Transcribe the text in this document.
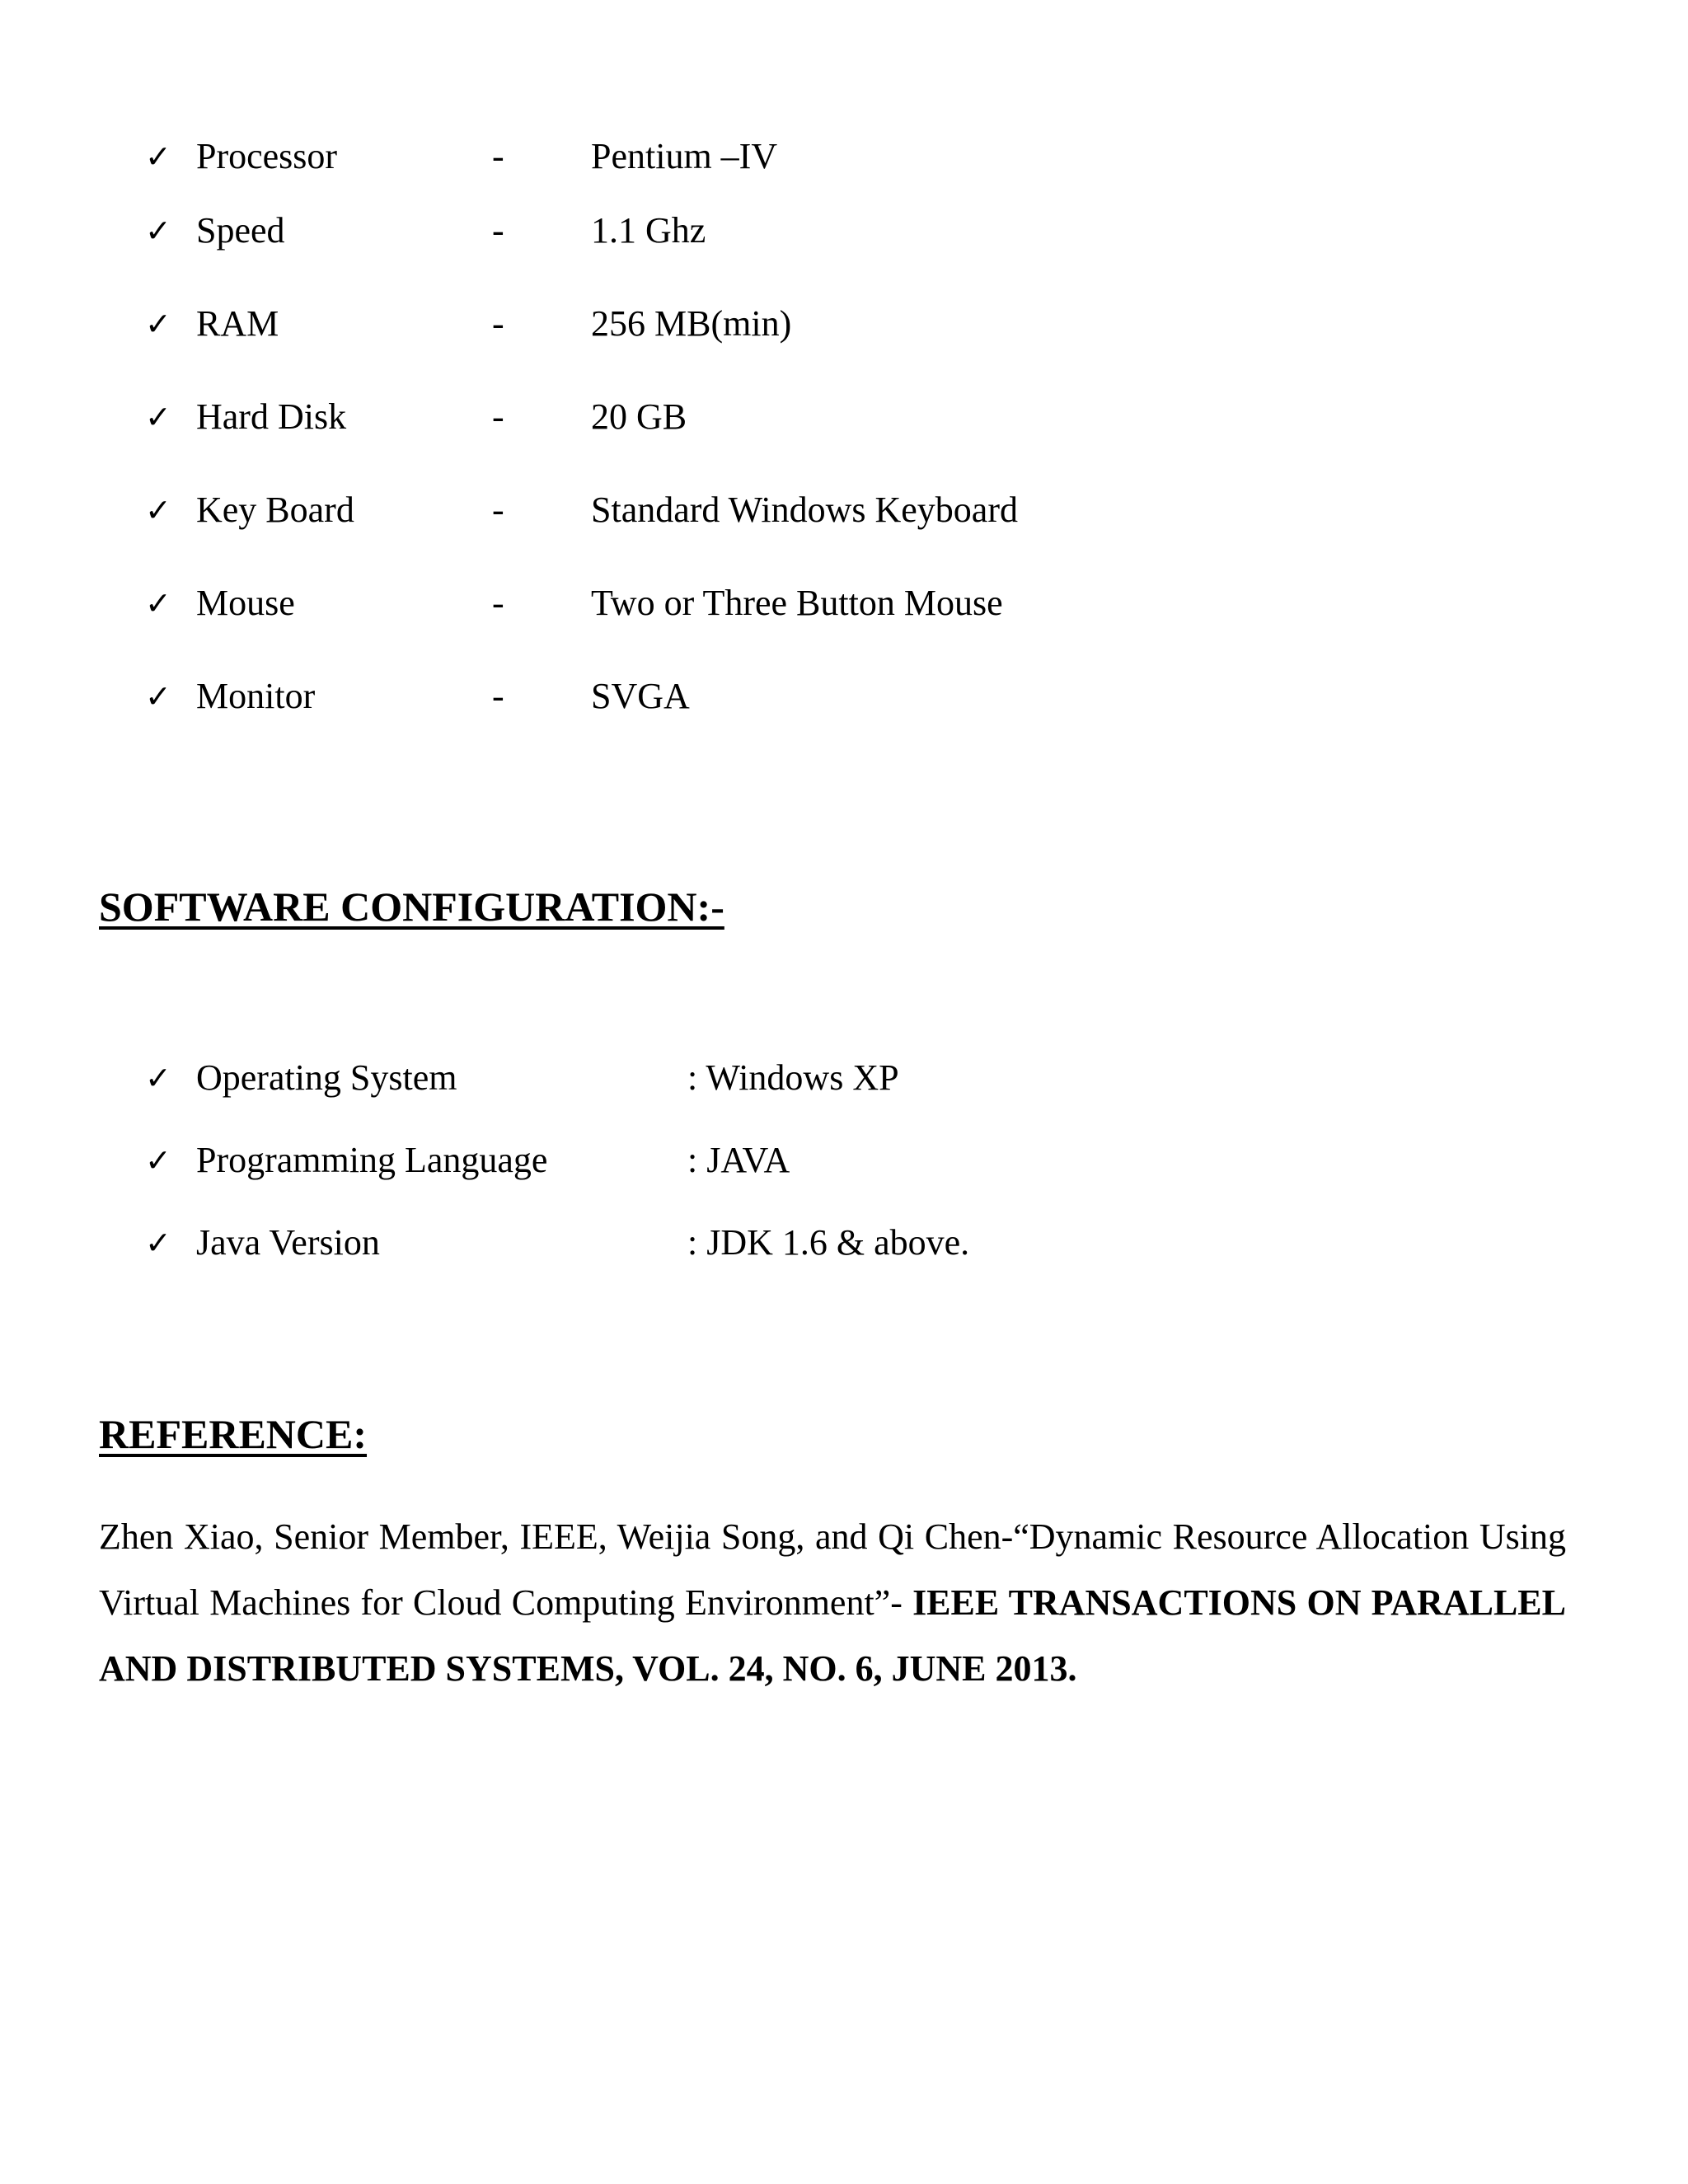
✓ Processor	- Pentium –IV
✓ Speed	- 1.1 Ghz
✓ RAM	- 256 MB(min)
✓ Hard Disk	- 20 GB
✓ Key Board	- Standard Windows Keyboard
✓ Mouse	- Two or Three Button Mouse
✓ Monitor	- SVGA
SOFTWARE CONFIGURATION:-
✓ Operating System	: Windows XP
✓ Programming Language	: JAVA
✓ Java Version	: JDK 1.6 & above.
REFERENCE:
Zhen Xiao, Senior Member, IEEE, Weijia Song, and Qi Chen-“Dynamic Resource Allocation Using Virtual Machines for Cloud Computing Environment”- IEEE TRANSACTIONS ON PARALLEL AND DISTRIBUTED SYSTEMS, VOL. 24, NO. 6, JUNE 2013.
